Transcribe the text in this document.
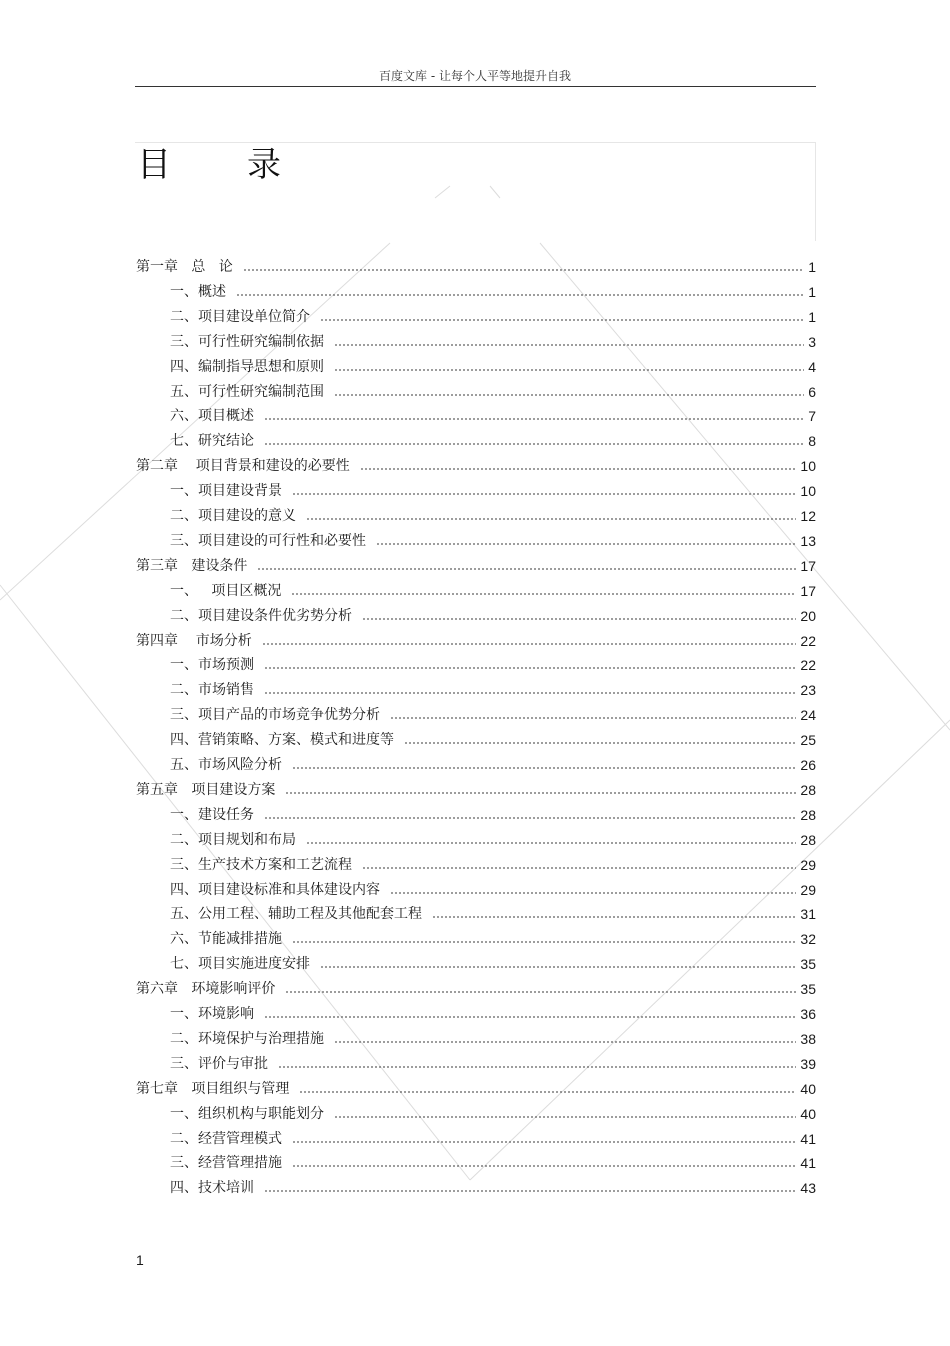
百度文库 - 让每个人平等地提升自我
目录
第一章   总   论	1
一、概述	1
二、项目建设单位简介	1
三、可行性研究编制依据	3
四、编制指导思想和原则	4
五、可行性研究编制范围	6
六、项目概述	7
七、研究结论	8
第二章    项目背景和建设的必要性	10
一、项目建设背景	10
二、项目建设的意义	12
三、项目建设的可行性和必要性	13
第三章   建设条件	17
一、   项目区概况	17
二、项目建设条件优劣势分析	20
第四章    市场分析	22
一、市场预测	22
二、市场销售	23
三、项目产品的市场竞争优势分析	24
四、营销策略、方案、模式和进度等	25
五、市场风险分析	26
第五章   项目建设方案	28
一、建设任务	28
二、项目规划和布局	28
三、生产技术方案和工艺流程	29
四、项目建设标准和具体建设内容	29
五、公用工程、辅助工程及其他配套工程	31
六、节能减排措施	32
七、项目实施进度安排	35
第六章   环境影响评价	35
一、环境影响	36
二、环境保护与治理措施	38
三、评价与审批	39
第七章   项目组织与管理	40
一、组织机构与职能划分	40
二、经营管理模式	41
三、经营管理措施	41
四、技术培训	43
1
